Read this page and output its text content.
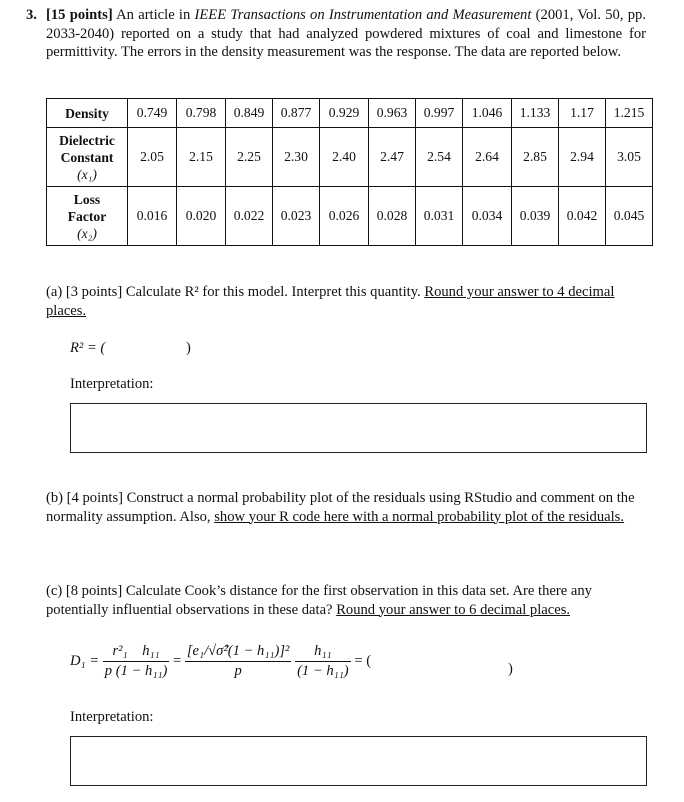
3. [15 points] An article in IEEE Transactions on Instrumentation and Measurement (2001, Vol. 50, pp. 2033-2040) reported on a study that had analyzed powdered mixtures of coal and limestone for permittivity. The errors in the density measurement was the response. The data are reported below.
Density	0.749	0.798	0.849	0.877	0.929	0.963	0.997	1.046	1.133	1.17	1.215
Dielectric
Constant
(x₁)	2.05	2.15	2.25	2.30	2.40	2.47	2.54	2.64	2.85	2.94	3.05
Loss
Factor
(x₂)	0.016	0.020	0.022	0.023	0.026	0.028	0.031	0.034	0.039	0.042	0.045
(a) [3 points] Calculate R² for this model. Interpret this quantity. Round your answer to 4 decimal places.
R² = (	)
Interpretation:
(b) [4 points] Construct a normal probability plot of the residuals using RStudio and comment on the normality assumption. Also, show your R code here with a normal probability plot of the residuals.
(c) [8 points] Calculate Cook’s distance for the first observation in this data set. Are there any potentially influential observations in these data? Round your answer to 6 decimal places.
$D_1 = \frac{\text{r²₁ h₁₁}}{\text{p (1 − h₁₁)}} = \frac{\text{[e₁/√σ̂²(1 − h₁₁)]²}}{p}$
$\frac{\text{h₁₁}}{\text{(1 − h₁₁)}}$ = (
)
Interpretation:
